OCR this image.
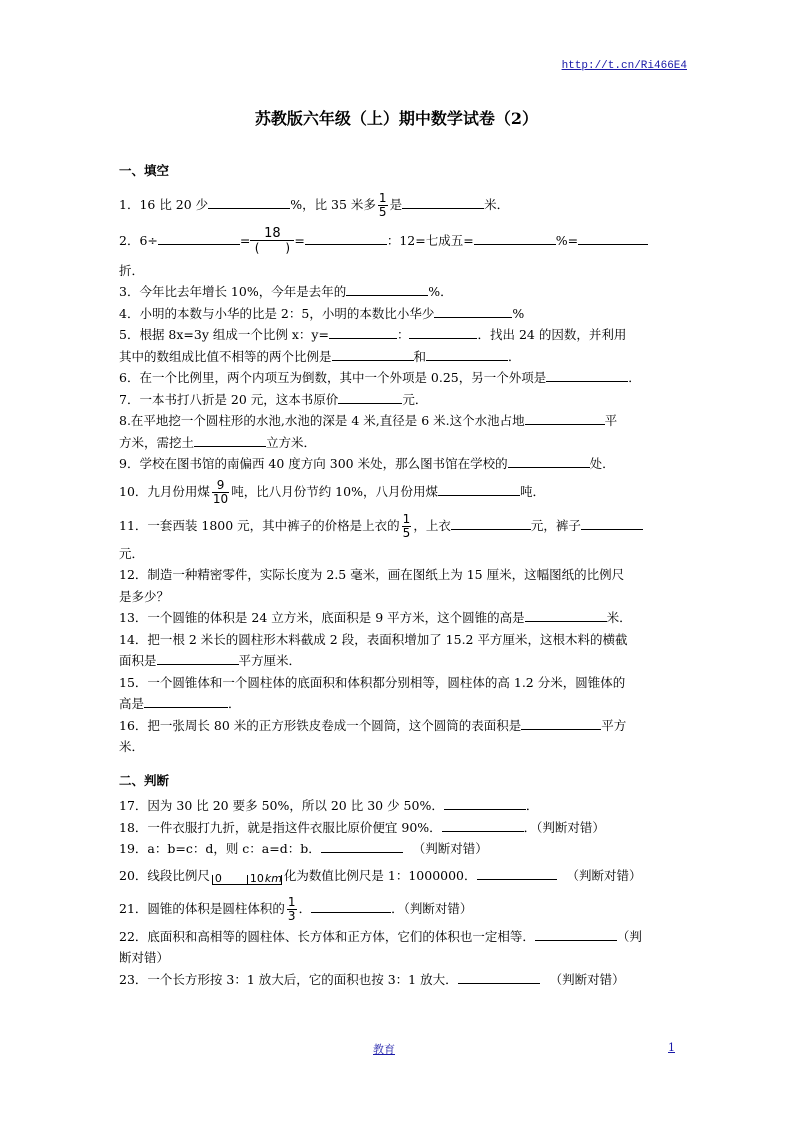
http://t.cn/Ri466E4
苏教版六年级（上）期中数学试卷（2）
一、填空
1．16 比 20 少	%，比 35 米多 $\frac{1}{5}$ 是	米．
2．6÷	=	18
( )
=	：12=七成五=	%=
折．
3．今年比去年增长 10%，今年是去年的	%．
4．小明的本数与小华的比是 2：5，小明的本数比小华少	%
5．根据 8x=3y 组成一个比例 x：y=	：	．找出 24 的因数，并利用
其中的数组成比值不相等的两个比例是	和	．
6．在一个比例里，两个内项互为倒数，其中一个外项是 0.25，另一个外项是	．
7．一本书打八折是 20 元，这本书原价	元．
8.在平地挖一个圆柱形的水池,水池的深是 4 米,直径是 6 米.这个水池占地	平
方米，需挖土	立方米．
9．学校在图书馆的南偏西 40 度方向 300 米处，那么图书馆在学校的	处．
10．九月份用煤 $\frac{9}{10}$ 吨，比八月份节约 10%，八月份用煤	吨．
11．一套西装 1800 元，其中裤子的价格是上衣的 $\frac{1}{5}$ ，上衣	元，裤子
元．
12．制造一种精密零件，实际长度为 2.5 毫米，画在图纸上为 15 厘米，这幅图纸的比例尺
是多少？
13．一个圆锥的体积是 24 立方米，底面积是 9 平方米，这个圆锥的高是	米．
14．把一根 2 米长的圆柱形木料截成 2 段，表面积增加了 15.2 平方厘米，这根木料的横截
面积是	平方厘米．
15．一个圆锥体和一个圆柱体的底面积和体积都分别相等，圆柱体的高 1.2 分米，圆锥体的
高是	．
16．把一张周长 80 米的正方形铁皮卷成一个圆筒，这个圆筒的表面积是	平方
米．
二、判断
17．因为 30 比 20 要多 50%，所以 20 比 30 少 50%．	．
18．一件衣服打九折，就是指这件衣服比原价便宜 90%．	．（判断对错）
19．a：b=c：d，则 c：a=d：b．	（判断对错）
20．线段比例尺 0	10 km 化为数值比例尺是 1：1000000．	（判断对错）
21．圆锥的体积是圆柱体积的 $\frac{1}{3}$ ．	．（判断对错）
22．底面积和高相等的圆柱体、长方体和正方体，它们的体积也一定相等．	（判
断对错）
23．一个长方形按 3：1 放大后，它的面积也按 3：1 放大．	（判断对错）
教育	1
